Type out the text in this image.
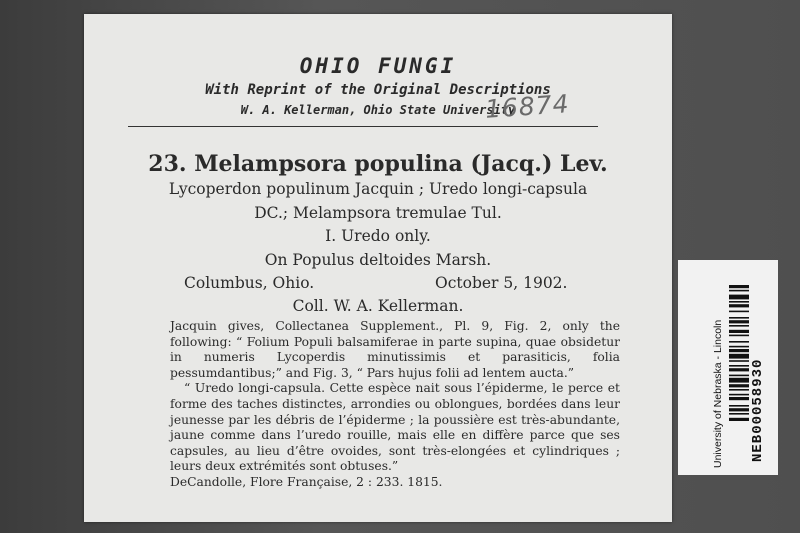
OHIO FUNGI
With Reprint of the Original Descriptions
W. A. Kellerman, Ohio State University
23. Melampsora populina (Jacq.) Lev.
Lycoperdon populinum Jacquin ; Uredo longi-capsula
DC.; Melampsora tremulae Tul.
I. Uredo only.
On Populus deltoides Marsh.
Columbus, Ohio.	October 5, 1902.
Coll. W. A. Kellerman.

Jacquin gives, Collectanea Supplement., Pl. 9, Fig. 2, only the following: “ Folium Populi balsamiferae in parte supina, quae obsidetur in numeris Lycoperdis minutissimis et parasiticis, folia pessumdantibus;” and Fig. 3, “ Pars hujus folii ad lentem aucta.”

“ Uredo longi-capsula. Cette espèce nait sous l’épiderme, le perce et forme des taches distinctes, arrondies ou oblongues, bordées dans leur jeunesse par les débris de l’épiderme ; la poussière est très-abundante, jaune comme dans l’uredo rouille, mais elle en diffère parce que ses capsules, au lieu d’être ovoides, sont très-elongées et cylindriques ; leurs deux extrémités sont obtuses.”

DeCandolle, Flore Française, 2 : 233. 1815.

16874
University of Nebraska - Lincoln NEB00058930
